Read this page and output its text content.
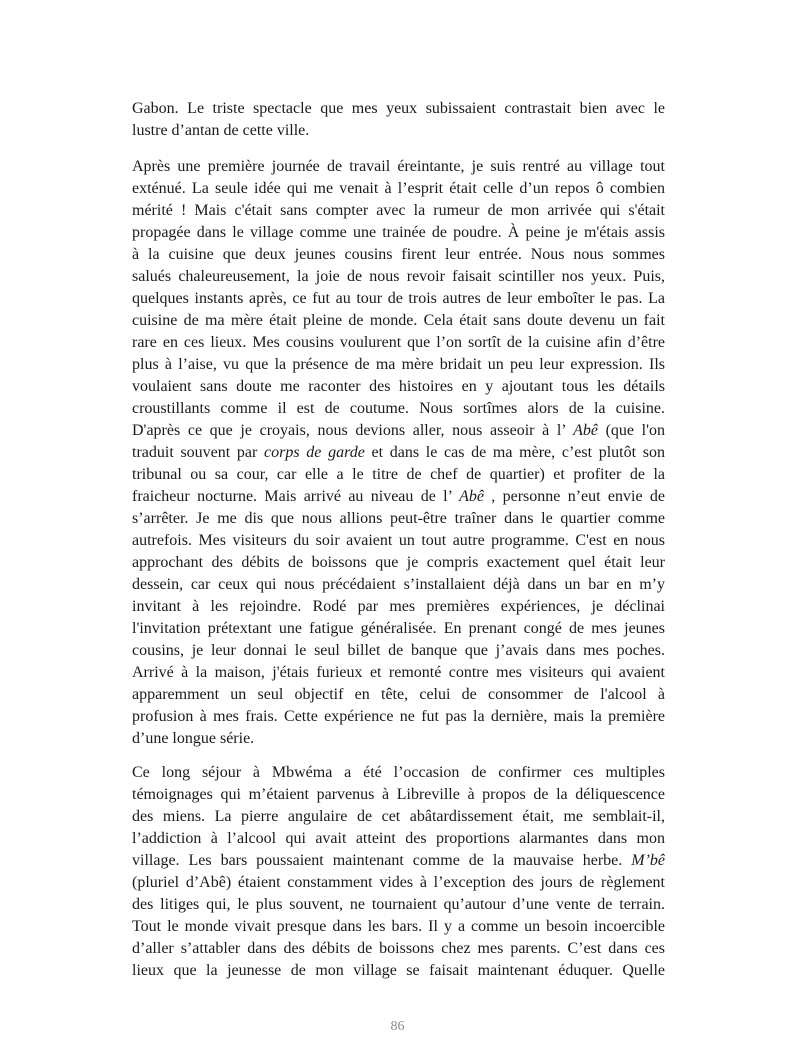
Gabon. Le triste spectacle que mes yeux subissaient contrastait bien avec le
lustre d’antan de cette ville.
Après une première journée de travail éreintante, je suis rentré au village tout
exténué. La seule idée qui me venait à l’esprit était celle d’un repos ô combien
mérité ! Mais c'était sans compter avec la rumeur de mon arrivée qui s'était
propagée dans le village comme une trainée de poudre. À peine je m'étais assis
à la cuisine que deux jeunes cousins firent leur entrée. Nous nous sommes
salués chaleureusement, la joie de nous revoir faisait scintiller nos yeux. Puis,
quelques instants après, ce fut au tour de trois autres de leur emboîter le pas. La
cuisine de ma mère était pleine de monde. Cela était sans doute devenu un fait
rare en ces lieux. Mes cousins voulurent que l’on sortît de la cuisine afin d’être
plus à l’aise, vu que la présence de ma mère bridait un peu leur expression. Ils
voulaient sans doute me raconter des histoires en y ajoutant tous les détails
croustillants comme il est de coutume. Nous sortîmes alors de la cuisine.
D'après ce que je croyais, nous devions aller, nous asseoir à l’ Abê (que l'on
traduit souvent par corps de garde et dans le cas de ma mère, c’est plutôt son
tribunal ou sa cour, car elle a le titre de chef de quartier) et profiter de la
fraicheur nocturne. Mais arrivé au niveau de l’ Abê , personne n’eut envie de
s’arrêter. Je me dis que nous allions peut-être traîner dans le quartier comme
autrefois. Mes visiteurs du soir avaient un tout autre programme. C'est en nous
approchant des débits de boissons que je compris exactement quel était leur
dessein, car ceux qui nous précédaient s’installaient déjà dans un bar en m’y
invitant à les rejoindre. Rodé par mes premières expériences, je déclinai
l'invitation prétextant une fatigue généralisée. En prenant congé de mes jeunes
cousins, je leur donnai le seul billet de banque que j’avais dans mes poches.
Arrivé à la maison, j'étais furieux et remonté contre mes visiteurs qui avaient
apparemment un seul objectif en tête, celui de consommer de l'alcool à
profusion à mes frais. Cette expérience ne fut pas la dernière, mais la première
d’une longue série.
Ce long séjour à Mbwéma a été l’occasion de confirmer ces multiples
témoignages qui m’étaient parvenus à Libreville à propos de la déliquescence
des miens. La pierre angulaire de cet abâtardissement était, me semblait-il,
l’addiction à l’alcool qui avait atteint des proportions alarmantes dans mon
village. Les bars poussaient maintenant comme de la mauvaise herbe. M’bê
(pluriel d’Abê) étaient constamment vides à l’exception des jours de règlement
des litiges qui, le plus souvent, ne tournaient qu’autour d’une vente de terrain.
Tout le monde vivait presque dans les bars. Il y a comme un besoin incoercible
d’aller s’attabler dans des débits de boissons chez mes parents. C’est dans ces
lieux que la jeunesse de mon village se faisait maintenant éduquer. Quelle
86
